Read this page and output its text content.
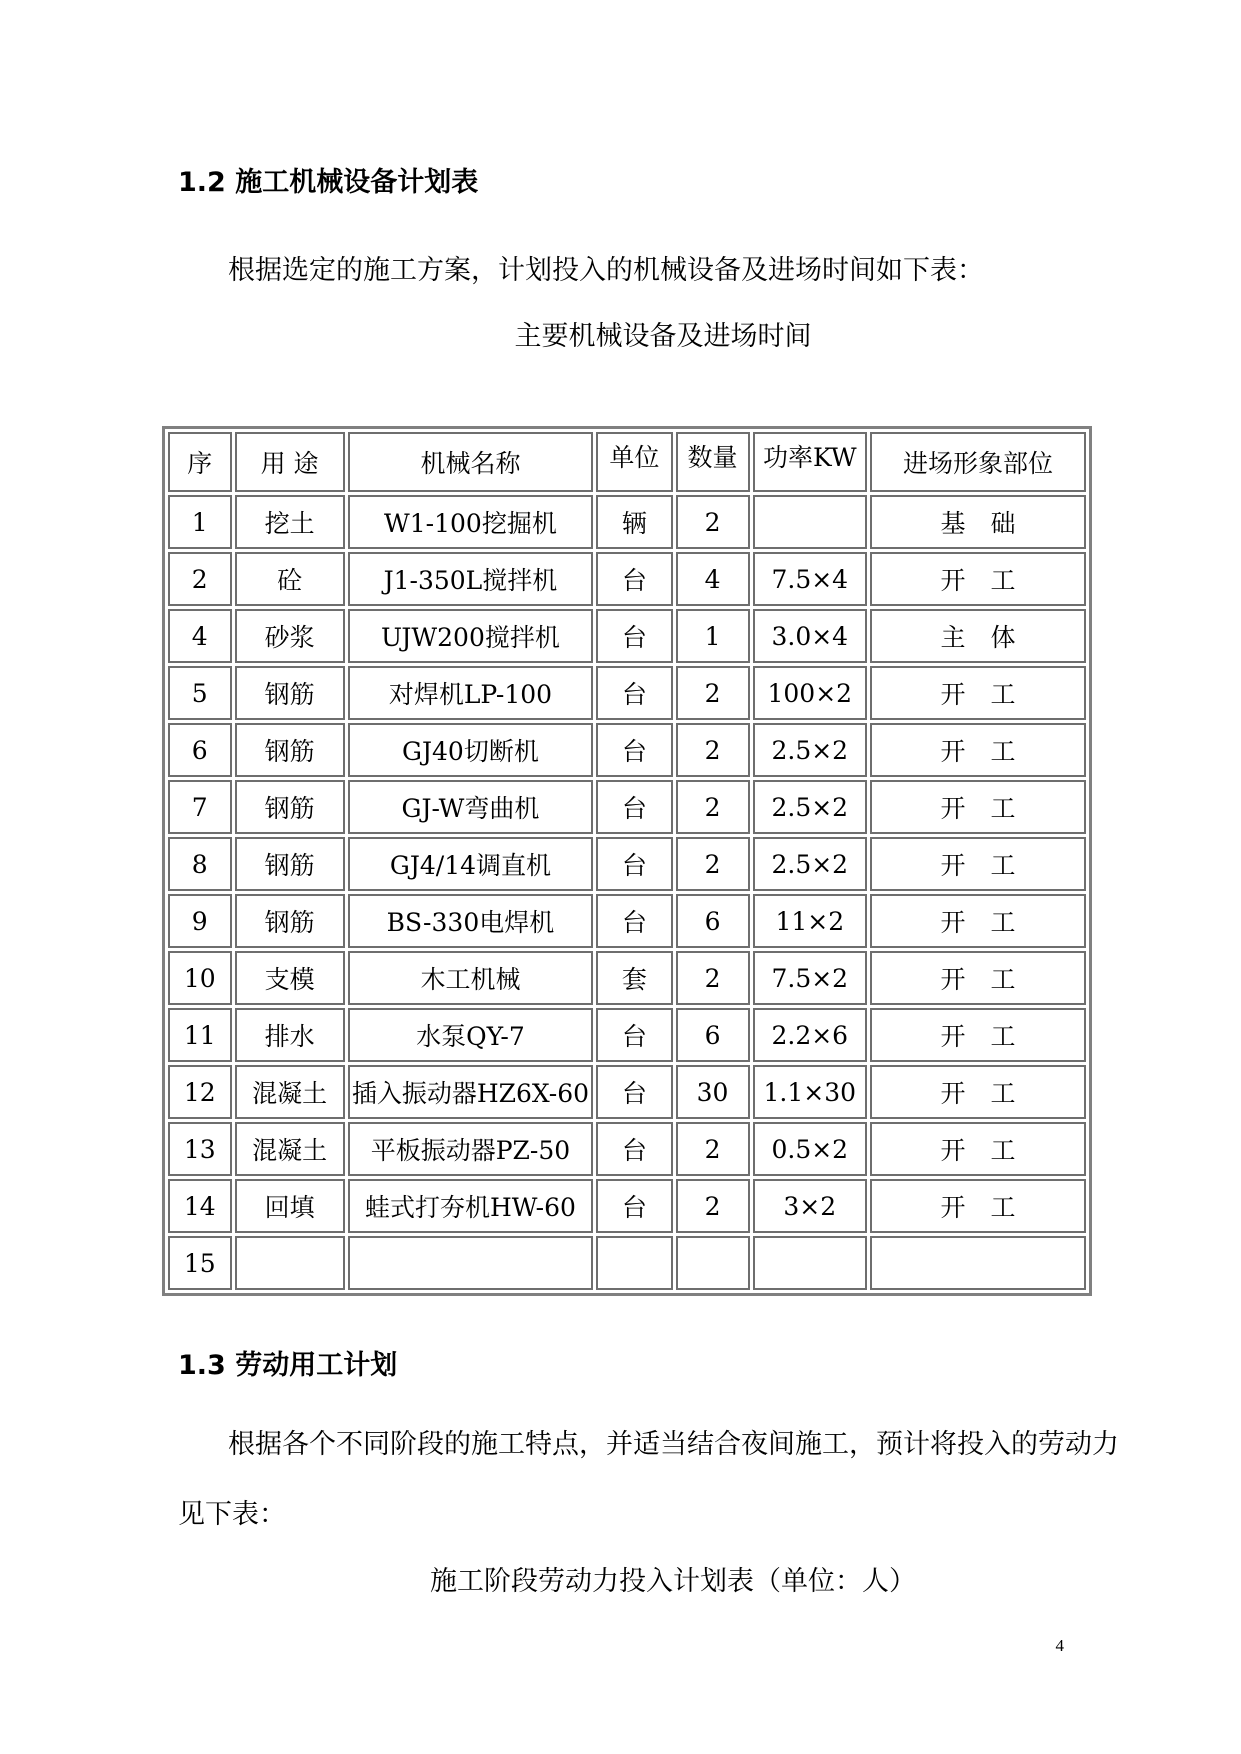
1.2 施工机械设备计划表
根据选定的施工方案，计划投入的机械设备及进场时间如下表：
主要机械设备及进场时间
序	用 途	机械名称	单位	数量	功率KW	进场形象部位
1	挖土	W1-100挖掘机	辆	2		基　础
2	砼	J1-350L搅拌机	台	4	7.5×4	开　工
4	砂浆	UJW200搅拌机	台	1	3.0×4	主　体
5	钢筋	对焊机LP-100	台	2	100×2	开　工
6	钢筋	GJ40切断机	台	2	2.5×2	开　工
7	钢筋	GJ-W弯曲机	台	2	2.5×2	开　工
8	钢筋	GJ4/14调直机	台	2	2.5×2	开　工
9	钢筋	BS-330电焊机	台	6	11×2	开　工
10	支模	木工机械	套	2	7.5×2	开　工
11	排水	水泵QY-7	台	6	2.2×6	开　工
12	混凝土	插入振动器HZ6X-60	台	30	1.1×30	开　工
13	混凝土	平板振动器PZ-50	台	2	0.5×2	开　工
14	回填	蛙式打夯机HW-60	台	2	3×2	开　工
15						
1.3 劳动用工计划
根据各个不同阶段的施工特点，并适当结合夜间施工，预计将投入的劳动力
见下表：
施工阶段劳动力投入计划表（单位：人）
4
